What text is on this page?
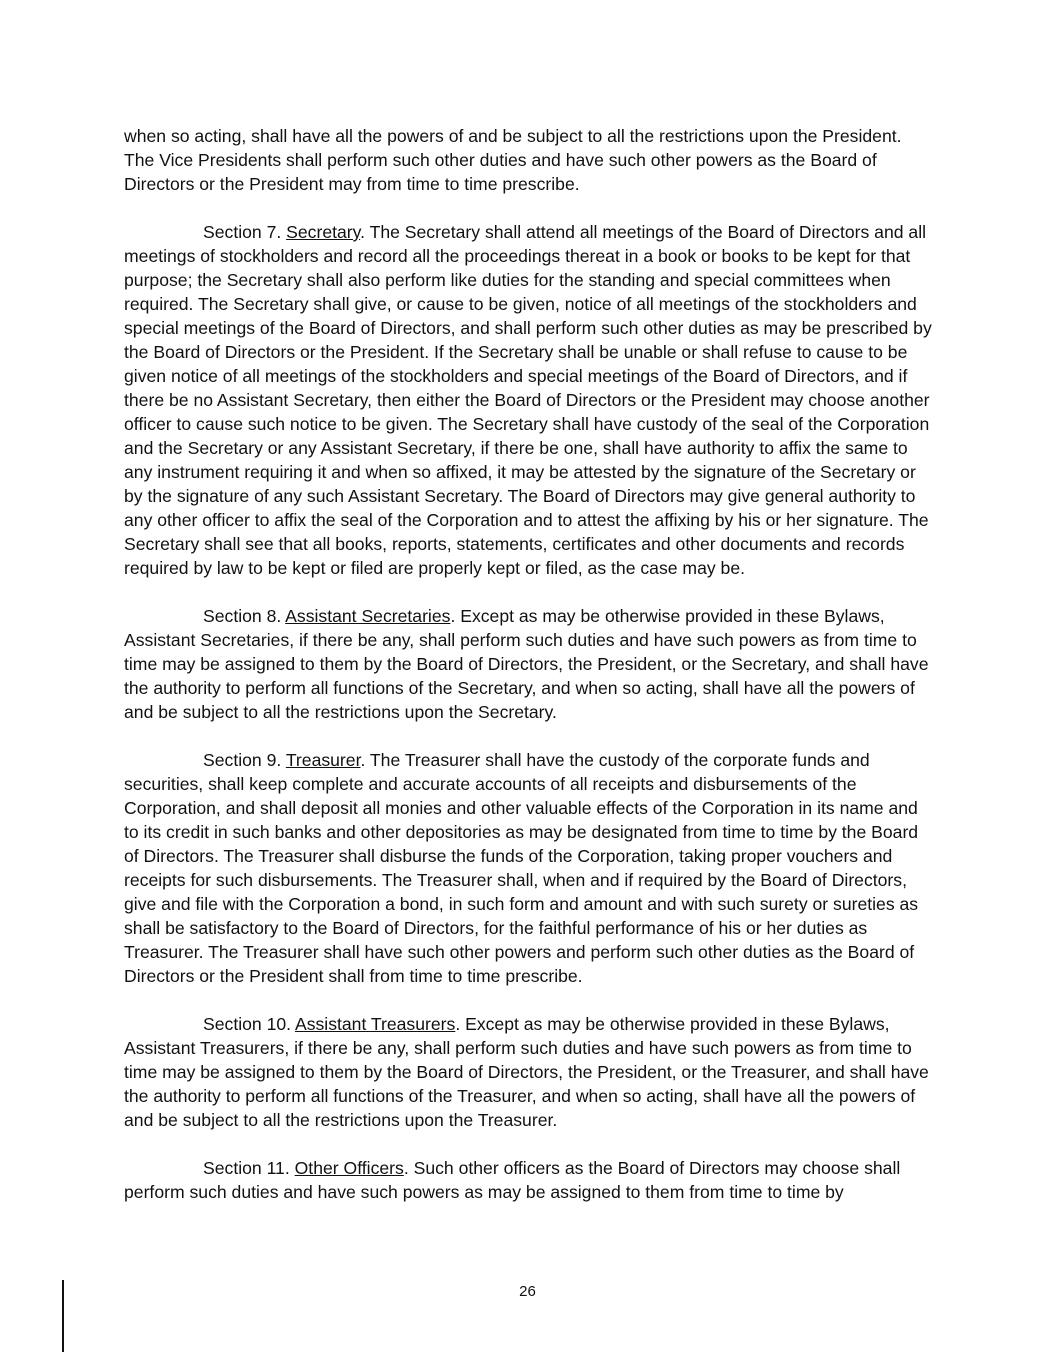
when so acting, shall have all the powers of and be subject to all the restrictions upon the President. The Vice Presidents shall perform such other duties and have such other powers as the Board of Directors or the President may from time to time prescribe.

Section 7. Secretary. The Secretary shall attend all meetings of the Board of Directors and all meetings of stockholders and record all the proceedings thereat in a book or books to be kept for that purpose; the Secretary shall also perform like duties for the standing and special committees when required. The Secretary shall give, or cause to be given, notice of all meetings of the stockholders and special meetings of the Board of Directors, and shall perform such other duties as may be prescribed by the Board of Directors or the President. If the Secretary shall be unable or shall refuse to cause to be given notice of all meetings of the stockholders and special meetings of the Board of Directors, and if there be no Assistant Secretary, then either the Board of Directors or the President may choose another officer to cause such notice to be given. The Secretary shall have custody of the seal of the Corporation and the Secretary or any Assistant Secretary, if there be one, shall have authority to affix the same to any instrument requiring it and when so affixed, it may be attested by the signature of the Secretary or by the signature of any such Assistant Secretary. The Board of Directors may give general authority to any other officer to affix the seal of the Corporation and to attest the affixing by his or her signature. The Secretary shall see that all books, reports, statements, certificates and other documents and records required by law to be kept or filed are properly kept or filed, as the case may be.

Section 8. Assistant Secretaries. Except as may be otherwise provided in these Bylaws, Assistant Secretaries, if there be any, shall perform such duties and have such powers as from time to time may be assigned to them by the Board of Directors, the President, or the Secretary, and shall have the authority to perform all functions of the Secretary, and when so acting, shall have all the powers of and be subject to all the restrictions upon the Secretary.

Section 9. Treasurer. The Treasurer shall have the custody of the corporate funds and securities, shall keep complete and accurate accounts of all receipts and disbursements of the Corporation, and shall deposit all monies and other valuable effects of the Corporation in its name and to its credit in such banks and other depositories as may be designated from time to time by the Board of Directors. The Treasurer shall disburse the funds of the Corporation, taking proper vouchers and receipts for such disbursements. The Treasurer shall, when and if required by the Board of Directors, give and file with the Corporation a bond, in such form and amount and with such surety or sureties as shall be satisfactory to the Board of Directors, for the faithful performance of his or her duties as Treasurer. The Treasurer shall have such other powers and perform such other duties as the Board of Directors or the President shall from time to time prescribe.

Section 10. Assistant Treasurers. Except as may be otherwise provided in these Bylaws, Assistant Treasurers, if there be any, shall perform such duties and have such powers as from time to time may be assigned to them by the Board of Directors, the President, or the Treasurer, and shall have the authority to perform all functions of the Treasurer, and when so acting, shall have all the powers of and be subject to all the restrictions upon the Treasurer.

Section 11. Other Officers. Such other officers as the Board of Directors may choose shall perform such duties and have such powers as may be assigned to them from time to time by

26
